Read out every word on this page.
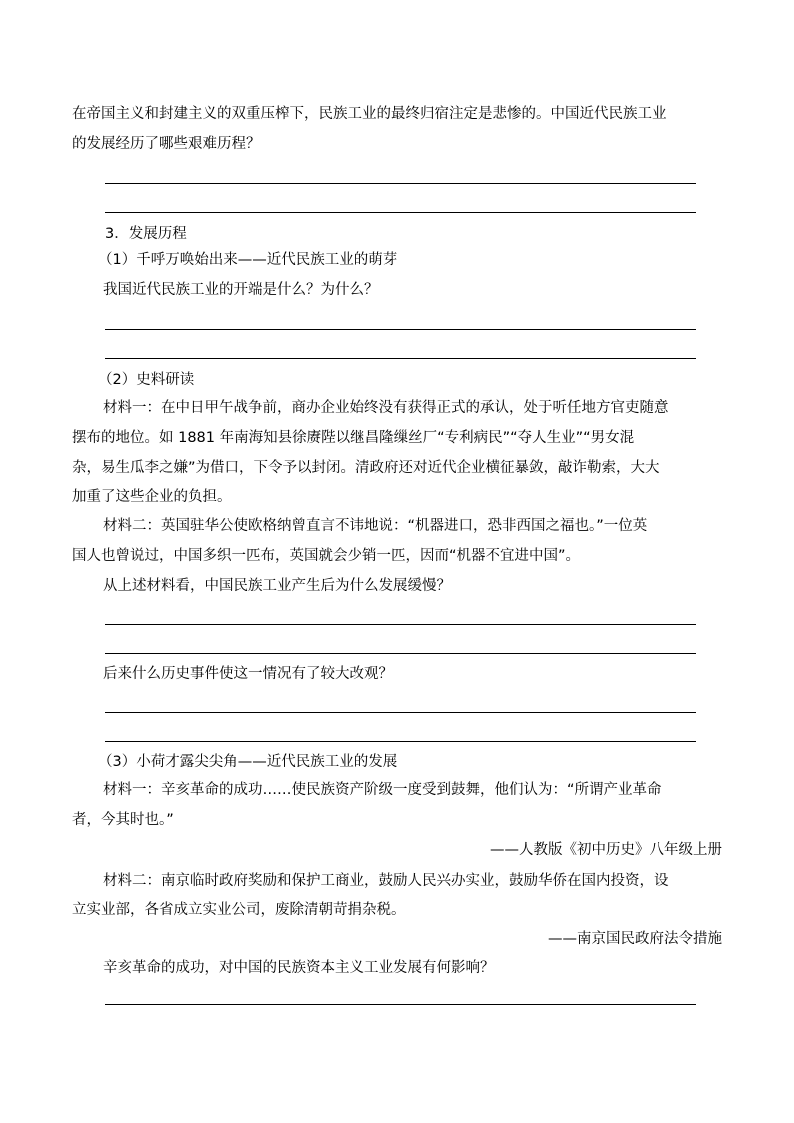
在帝国主义和封建主义的双重压榨下，民族工业的最终归宿注定是悲惨的。中国近代民族工业
的发展经历了哪些艰难历程？
3．发展历程
（1）千呼万唤始出来——近代民族工业的萌芽
我国近代民族工业的开端是什么？为什么？
（2）史料研读
材料一：在中日甲午战争前，商办企业始终没有获得正式的承认，处于听任地方官吏随意
摆布的地位。如 1881 年南海知县徐赓陛以继昌隆缫丝厂“专利病民”“夺人生业”“男女混
杂，易生瓜李之嫌”为借口，下令予以封闭。清政府还对近代企业横征暴敛，敲诈勒索，大大
加重了这些企业的负担。
材料二：英国驻华公使欧格纳曾直言不讳地说：“机器进口，恐非西国之福也。”一位英
国人也曾说过，中国多织一匹布，英国就会少销一匹，因而“机器不宜进中国”。
从上述材料看，中国民族工业产生后为什么发展缓慢？
后来什么历史事件使这一情况有了较大改观？
（3）小荷才露尖尖角——近代民族工业的发展
材料一：辛亥革命的成功……使民族资产阶级一度受到鼓舞，他们认为：“所谓产业革命
者，今其时也。”
——人教版《初中历史》八年级上册
材料二：南京临时政府奖励和保护工商业，鼓励人民兴办实业，鼓励华侨在国内投资，设
立实业部，各省成立实业公司，废除清朝苛捐杂税。
——南京国民政府法令措施
辛亥革命的成功，对中国的民族资本主义工业发展有何影响？
